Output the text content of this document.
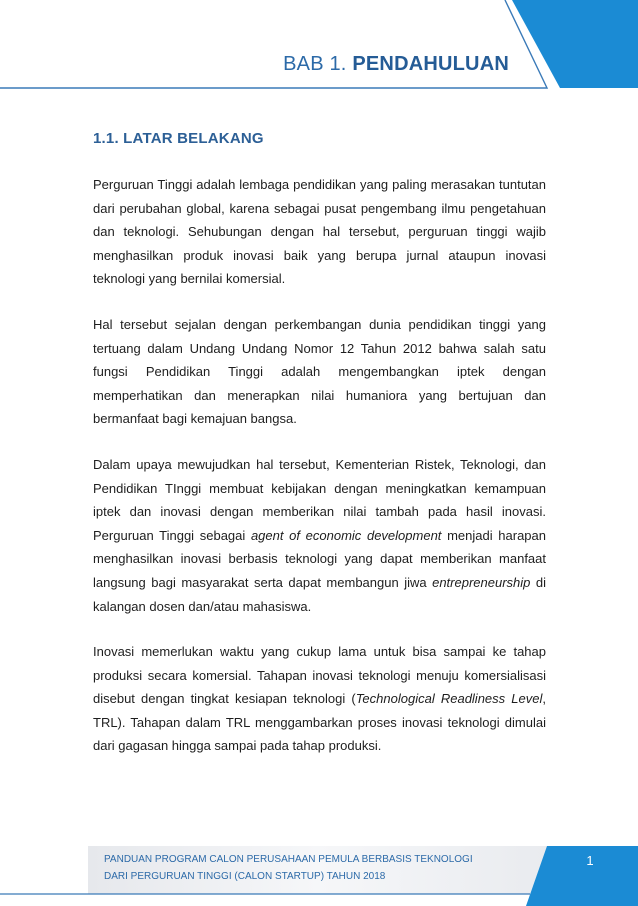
BAB 1. PENDAHULUAN
1.1. LATAR BELAKANG

Perguruan Tinggi adalah lembaga pendidikan yang paling merasakan tuntutan dari perubahan global, karena sebagai pusat pengembang ilmu pengetahuan dan teknologi. Sehubungan dengan hal tersebut, perguruan tinggi wajib menghasilkan produk inovasi baik yang berupa jurnal ataupun inovasi teknologi yang bernilai komersial.

Hal tersebut sejalan dengan perkembangan dunia pendidikan tinggi yang tertuang dalam Undang Undang Nomor 12 Tahun 2012 bahwa salah satu fungsi Pendidikan Tinggi adalah mengembangkan iptek dengan memperhatikan dan menerapkan nilai humaniora yang bertujuan dan bermanfaat bagi kemajuan bangsa.

Dalam upaya mewujudkan hal tersebut, Kementerian Ristek, Teknologi, dan Pendidikan TInggi membuat kebijakan dengan meningkatkan kemampuan iptek dan inovasi dengan memberikan nilai tambah pada hasil inovasi. Perguruan Tinggi sebagai agent of economic development menjadi harapan menghasilkan inovasi berbasis teknologi yang dapat memberikan manfaat langsung bagi masyarakat serta dapat membangun jiwa entrepreneurship di kalangan dosen dan/atau mahasiswa.

Inovasi memerlukan waktu yang cukup lama untuk bisa sampai ke tahap produksi secara komersial. Tahapan inovasi teknologi menuju komersialisasi disebut dengan tingkat kesiapan teknologi (Technological Readliness Level, TRL). Tahapan dalam TRL menggambarkan proses inovasi teknologi dimulai dari gagasan hingga sampai pada tahap produksi.

PANDUAN PROGRAM CALON PERUSAHAAN PEMULA BERBASIS TEKNOLOGI
DARI PERGURUAN TINGGI (CALON STARTUP) TAHUN 2018
1
